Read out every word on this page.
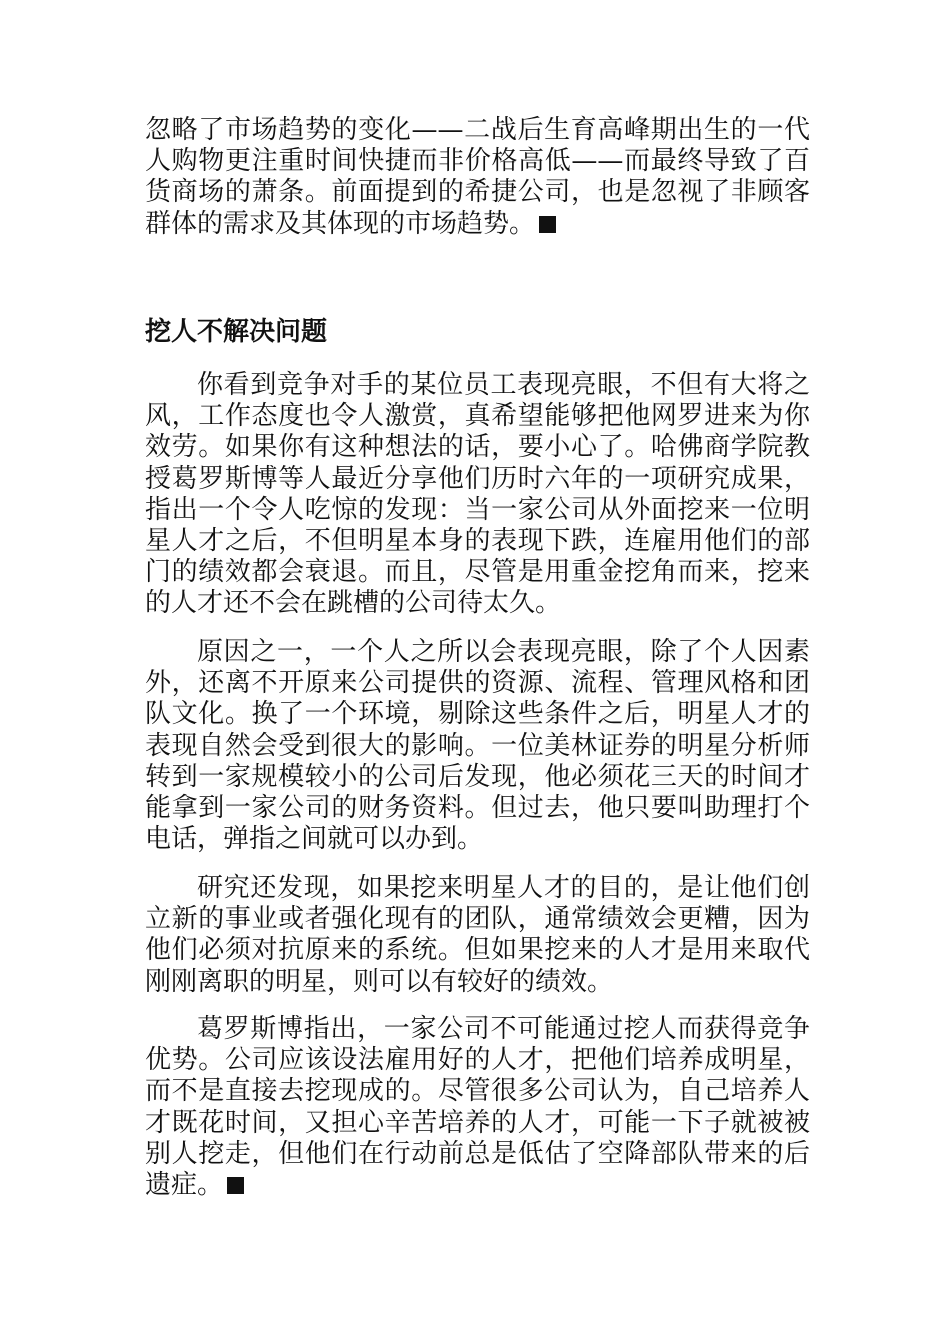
忽略了市场趋势的变化——二战后生育高峰期出生的一代人购物更注重时间快捷而非价格高低——而最终导致了百货商场的萧条。前面提到的希捷公司，也是忽视了非顾客群体的需求及其体现的市场趋势。

挖人不解决问题

你看到竞争对手的某位员工表现亮眼，不但有大将之风，工作态度也令人激赏，真希望能够把他网罗进来为你效劳。如果你有这种想法的话，要小心了。哈佛商学院教授葛罗斯博等人最近分享他们历时六年的一项研究成果，指出一个令人吃惊的发现：当一家公司从外面挖来一位明星人才之后，不但明星本身的表现下跌，连雇用他们的部门的绩效都会衰退。而且，尽管是用重金挖角而来，挖来的人才还不会在跳槽的公司待太久。

原因之一，一个人之所以会表现亮眼，除了个人因素外，还离不开原来公司提供的资源、流程、管理风格和团队文化。换了一个环境，剔除这些条件之后，明星人才的表现自然会受到很大的影响。一位美林证券的明星分析师转到一家规模较小的公司后发现，他必须花三天的时间才能拿到一家公司的财务资料。但过去，他只要叫助理打个电话，弹指之间就可以办到。

研究还发现，如果挖来明星人才的目的，是让他们创立新的事业或者强化现有的团队，通常绩效会更糟，因为他们必须对抗原来的系统。但如果挖来的人才是用来取代刚刚离职的明星，则可以有较好的绩效。

葛罗斯博指出，一家公司不可能通过挖人而获得竞争优势。公司应该设法雇用好的人才，把他们培养成明星，而不是直接去挖现成的。尽管很多公司认为，自己培养人才既花时间，又担心辛苦培养的人才，可能一下子就被被别人挖走，但他们在行动前总是低估了空降部队带来的后遗症。
